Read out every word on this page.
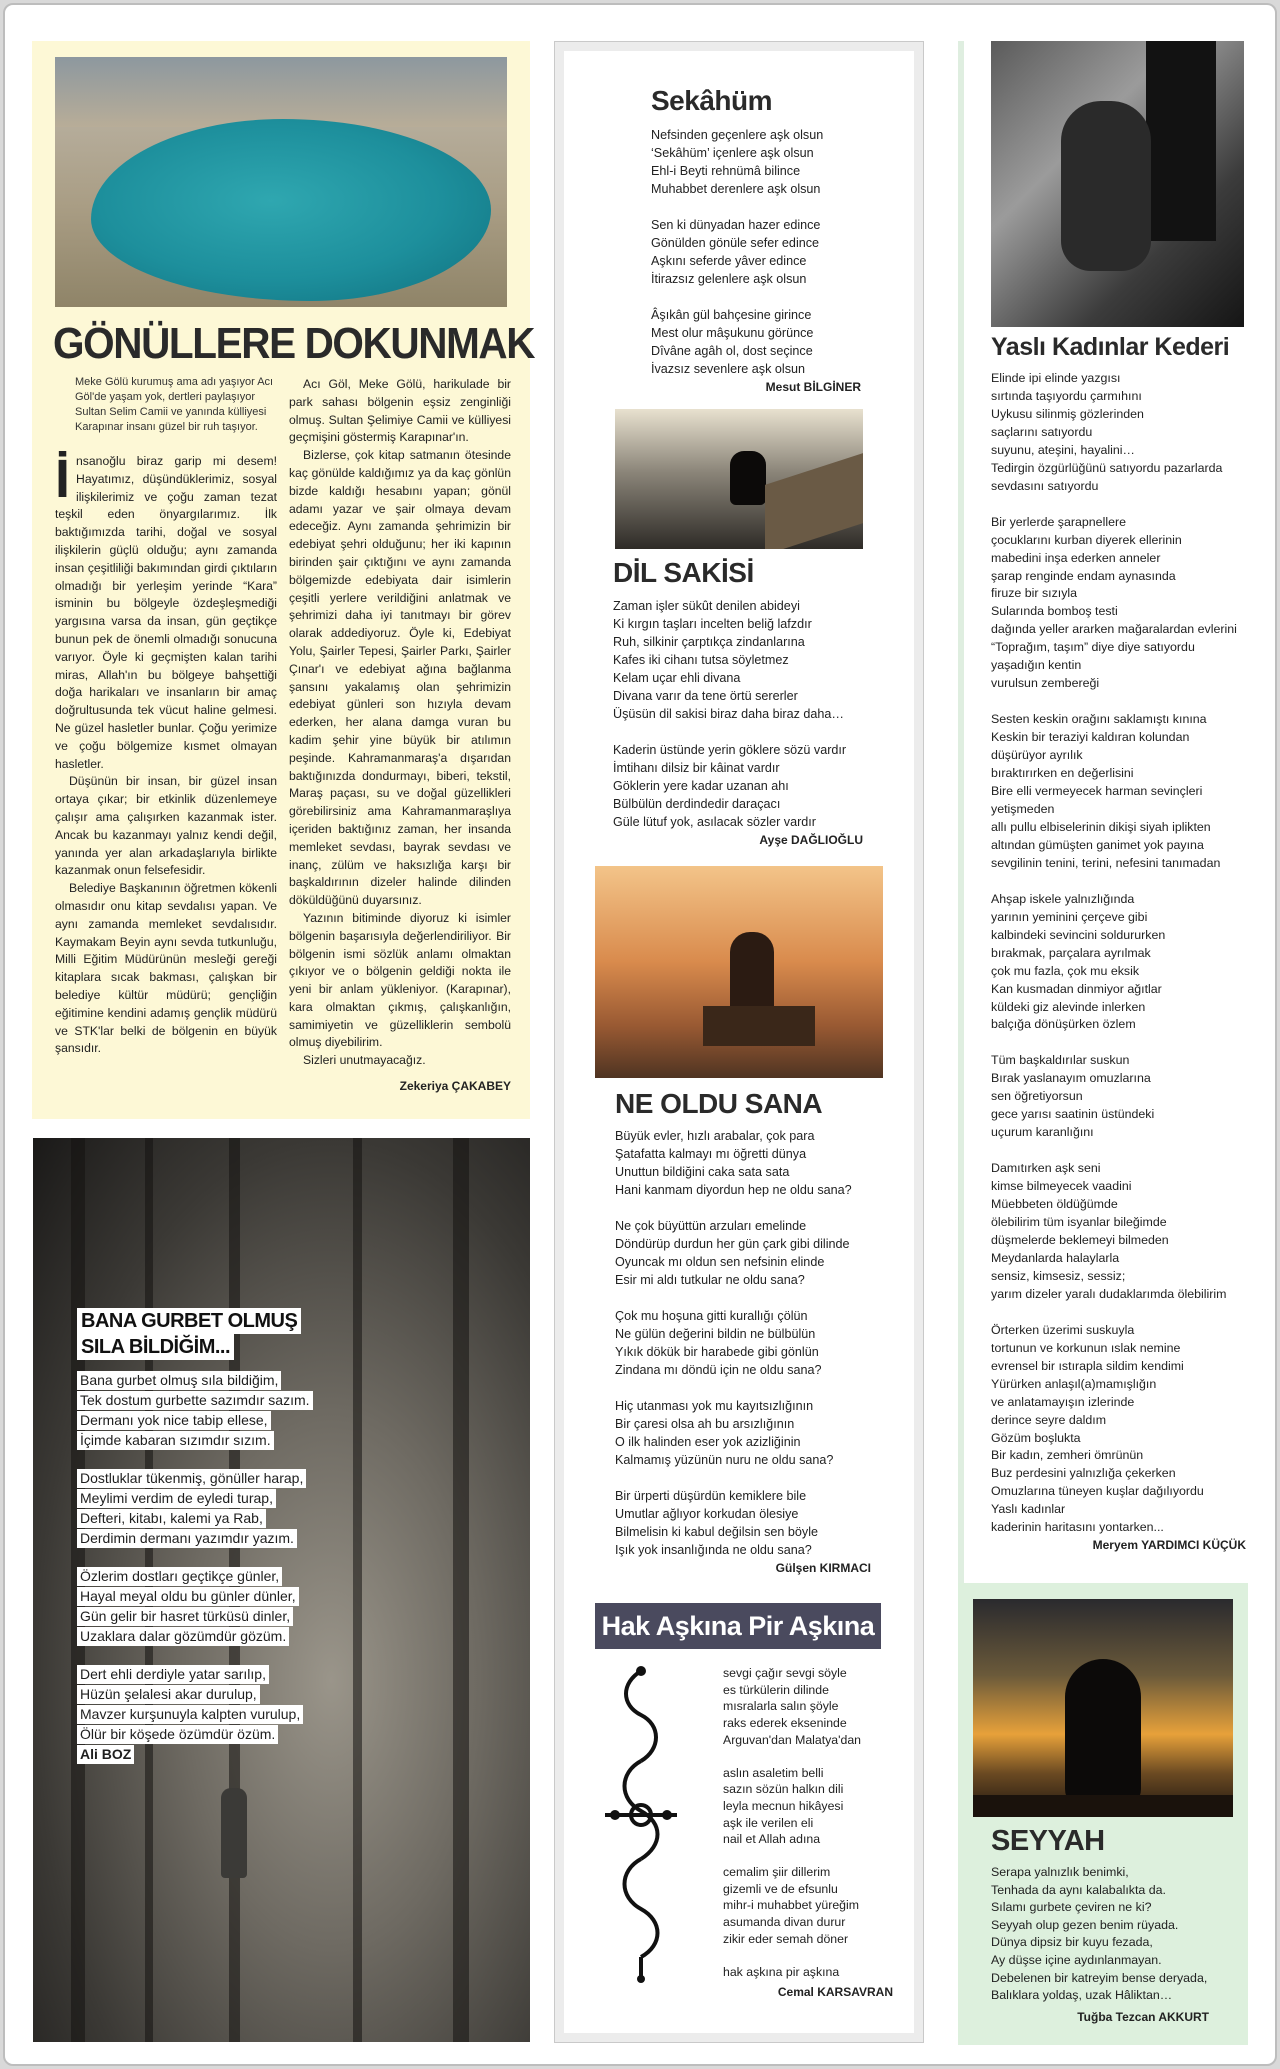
GÖNÜLLERE DOKUNMAK
Meke Gölü kurumuş ama adı yaşıyor Acı Göl'de yaşam yok, dertleri paylaşıyor Sultan Selim Camii ve yanında külliyesi Karapınar insanı güzel bir ruh taşıyor.

İnsanoğlu biraz garip mi desem! Hayatımız, düşündüklerimiz, sosyal ilişkilerimiz ve çoğu zaman tezat teşkil eden önyargılarımız. İlk baktığımızda tarihi, doğal ve sosyal ilişkilerin güçlü olduğu; aynı zamanda insan çeşitliliği bakımından girdi çıktıların olmadığı bir yerleşim yerinde “Kara” isminin bu bölgeyle özdeşleşmediği yargısına varsa da insan, gün geçtikçe bunun pek de önemli olmadığı sonucuna varıyor. Öyle ki geçmişten kalan tarihi miras, Allah'ın bu bölgeye bahşettiği doğa harikaları ve insanların bir amaç doğrultusunda tek vücut haline gelmesi. Ne güzel hasletler bunlar. Çoğu yerimize ve çoğu bölgemize kısmet olmayan hasletler.

Düşünün bir insan, bir güzel insan ortaya çıkar; bir etkinlik düzenlemeye çalışır ama çalışırken kazanmak ister. Ancak bu kazanmayı yalnız kendi değil, yanında yer alan arkadaşlarıyla birlikte kazanmak onun felsefesidir.

Belediye Başkanının öğretmen kökenli olmasıdır onu kitap sevdalısı yapan. Ve aynı zamanda memleket sevdalısıdır. Kaymakam Beyin aynı sevda tutkunluğu, Milli Eğitim Müdürünün mesleği gereği kitaplara sıcak bakması, çalışkan bir belediye kültür müdürü; gençliğin eğitimine kendini adamış gençlik müdürü ve STK'lar belki de bölgenin en büyük şansıdır.

Acı Göl, Meke Gölü, harikulade bir park sahası bölgenin eşsiz zenginliği olmuş. Sultan Şelimiye Camii ve külliyesi geçmişini göstermiş Karapınar'ın.

Bizlerse, çok kitap satmanın ötesinde kaç gönülde kaldığımız ya da kaç gönlün bizde kaldığı hesabını yapan; gönül adamı yazar ve şair olmaya devam edeceğiz. Aynı zamanda şehrimizin bir edebiyat şehri olduğunu; her iki kapının birinden şair çıktığını ve aynı zamanda bölgemizde edebiyata dair isimlerin çeşitli yerlere verildiğini anlatmak ve şehrimizi daha iyi tanıtmayı bir görev olarak addediyoruz. Öyle ki, Edebiyat Yolu, Şairler Tepesi, Şairler Parkı, Şairler Çınar'ı ve edebiyat ağına bağlanma şansını yakalamış olan şehrimizin edebiyat günleri son hızıyla devam ederken, her alana damga vuran bu kadim şehir yine büyük bir atılımın peşinde. Kahramanmaraş'a dışarıdan baktığınızda dondurmayı, biberi, tekstil, Maraş paçası, su ve doğal güzellikleri görebilirsiniz ama Kahramanmaraşlıya içeriden baktığınız zaman, her insanda memleket sevdası, bayrak sevdası ve inanç, zülüm ve haksızlığa karşı bir başkaldırının dizeler halinde dilinden döküldüğünü duyarsınız.

Yazının bitiminde diyoruz ki isimler bölgenin başarısıyla değerlendiriliyor. Bir bölgenin ismi sözlük anlamı olmaktan çıkıyor ve o bölgenin geldiği nokta ile yeni bir anlam yükleniyor. (Karapınar), kara olmaktan çıkmış, çalışkanlığın, samimiyetin ve güzelliklerin sembolü olmuş diyebilirim.

Sizleri unutmayacağız.

Zekeriya ÇAKABEY
BANA GURBET OLMUŞ
SILA BİLDİĞİM...
Bana gurbet olmuş sıla bildiğim,
Tek dostum gurbette sazımdır sazım.
Dermanı yok nice tabip ellese,
İçimde kabaran sızımdır sızım.
Dostluklar tükenmiş, gönüller harap,
Meylimi verdim de eyledi turap,
Defteri, kitabı, kalemi ya Rab,
Derdimin dermanı yazımdır yazım.
Özlerim dostları geçtikçe günler,
Hayal meyal oldu bu günler dünler,
Gün gelir bir hasret türküsü dinler,
Uzaklara dalar gözümdür gözüm.
Dert ehli derdiyle yatar sarılıp,
Hüzün şelalesi akar durulup,
Mavzer kurşunuyla kalpten vurulup,
Ölür bir köşede özümdür özüm.
Ali BOZ
Sekâhüm
Nefsinden geçenlere aşk olsun
‘Sekâhüm’ içenlere aşk olsun
Ehl-i Beyti rehnümâ bilince
Muhabbet derenlere aşk olsun
Sen ki dünyadan hazer edince
Gönülden gönüle sefer edince
Aşkını seferde yâver edince
İtirazsız gelenlere aşk olsun
Âşıkân gül bahçesine girince
Mest olur mâşukunu görünce
Dîvâne agâh ol, dost seçince
İvazsız sevenlere aşk olsun
Mesut BİLGİNER
DİL SAKİSİ
Zaman işler sükût denilen abideyi
Ki kırgın taşları incelten beliğ lafzdır
Ruh, silkinir çarptıkça zindanlarına
Kafes iki cihanı tutsa söyletmez
Kelam uçar ehli divana
Divana varır da tene örtü sererler
Üşüsün dil sakisi biraz daha biraz daha…
Kaderin üstünde yerin göklere sözü vardır
İmtihanı dilsiz bir kâinat vardır
Göklerin yere kadar uzanan ahı
Bülbülün derdindedir daraçacı
Güle lütuf yok, asılacak sözler vardır
Ayşe DAĞLIOĞLU
NE OLDU SANA
Büyük evler, hızlı arabalar, çok para
Şatafatta kalmayı mı öğretti dünya
Unuttun bildiğini caka sata sata
Hani kanmam diyordun hep ne oldu sana?
Ne çok büyüttün arzuları emelinde
Döndürüp durdun her gün çark gibi dilinde
Oyuncak mı oldun sen nefsinin elinde
Esir mi aldı tutkular ne oldu sana?
Çok mu hoşuna gitti kurallığı çölün
Ne gülün değerini bildin ne bülbülün
Yıkık dökük bir harabede gibi gönlün
Zindana mı döndü için ne oldu sana?
Hiç utanması yok mu kayıtsızlığının
Bir çaresi olsa ah bu arsızlığının
O ilk halinden eser yok azizliğinin
Kalmamış yüzünün nuru ne oldu sana?
Bir ürperti düşürdün kemiklere bile
Umutlar ağlıyor korkudan ölesiye
Bilmelisin ki kabul değilsin sen böyle
Işık yok insanlığında ne oldu sana?
Gülşen KIRMACI
Hak Aşkına Pir Aşkına
sevgi çağır sevgi söyle
es türkülerin dilinde
mısralarla salın şöyle
raks ederek ekseninde
Arguvan'dan Malatya'dan
aslın asaletim belli
sazın sözün halkın dili
leyla mecnun hikâyesi
aşk ile verilen eli
nail et Allah adına
cemalim şiir dillerim
gizemli ve de efsunlu
mihr-i muhabbet yüreğim
asumanda divan durur
zikir eder semah döner
hak aşkına pir aşkına
Cemal KARSAVRAN
Yaslı Kadınlar Kederi
Elinde ipi elinde yazgısı
sırtında taşıyordu çarmıhını
Uykusu silinmiş gözlerinden
saçlarını satıyordu
suyunu, ateşini, hayalini…
Tedirgin özgürlüğünü satıyordu pazarlarda
sevdasını satıyordu
Bir yerlerde şarapnellere
çocuklarını kurban diyerek ellerinin
mabedini inşa ederken anneler
şarap renginde endam aynasında
firuze bir sızıyla
Sularında bomboş testi
dağında yeller ararken mağaralardan evlerini
“Toprağım, taşım” diye diye satıyordu
yaşadığın kentin
vurulsun zembereği
Sesten keskin orağını saklamıştı kınına
Keskin bir teraziyi kaldıran kolundan
düşürüyor ayrılık
bıraktırırken en değerlisini
Bire elli vermeyecek harman sevinçleri
yetişmeden
allı pullu elbiselerinin dikişi siyah iplikten
altından gümüşten ganimet yok payına
sevgilinin tenini, terini, nefesini tanımadan
Ahşap iskele yalnızlığında
yarının yeminini çerçeve gibi
kalbindeki sevincini soldururken
bırakmak, parçalara ayrılmak
çok mu fazla, çok mu eksik
Kan kusmadan dinmiyor ağıtlar
küldeki giz alevinde inlerken
balçığa dönüşürken özlem
Tüm başkaldırılar suskun
Bırak yaslanayım omuzlarına
sen öğretiyorsun
gece yarısı saatinin üstündeki
uçurum karanlığını
Damıtırken aşk seni
kimse bilmeyecek vaadini
Müebbeten öldüğümde
ölebilirim tüm isyanlar bileğimde
düşmelerde beklemeyi bilmeden
Meydanlarda halaylarla
sensiz, kimsesiz, sessiz;
yarım dizeler yaralı dudaklarımda ölebilirim
Örterken üzerimi suskuyla
tortunun ve korkunun ıslak nemine
evrensel bir ıstırapla sildim kendimi
Yürürken anlaşıl(a)mamışlığın
ve anlatamayışın izlerinde
derince seyre daldım
Gözüm boşlukta
Bir kadın, zemheri ömrünün
Buz perdesini yalnızlığa çekerken
Omuzlarına tüneyen kuşlar dağılıyordu
Yaslı kadınlar
kaderinin haritasını yontarken...
Meryem YARDIMCI KÜÇÜK
SEYYAH
Serapa yalnızlık benimki,
Tenhada da aynı kalabalıkta da.
Sılamı gurbete çeviren ne ki?
Seyyah olup gezen benim rüyada.
Dünya dipsiz bir kuyu fezada,
Ay düşse içine aydınlanmayan.
Debelenen bir katreyim bense deryada,
Balıklara yoldaş, uzak Hâliktan…
Tuğba Tezcan AKKURT
